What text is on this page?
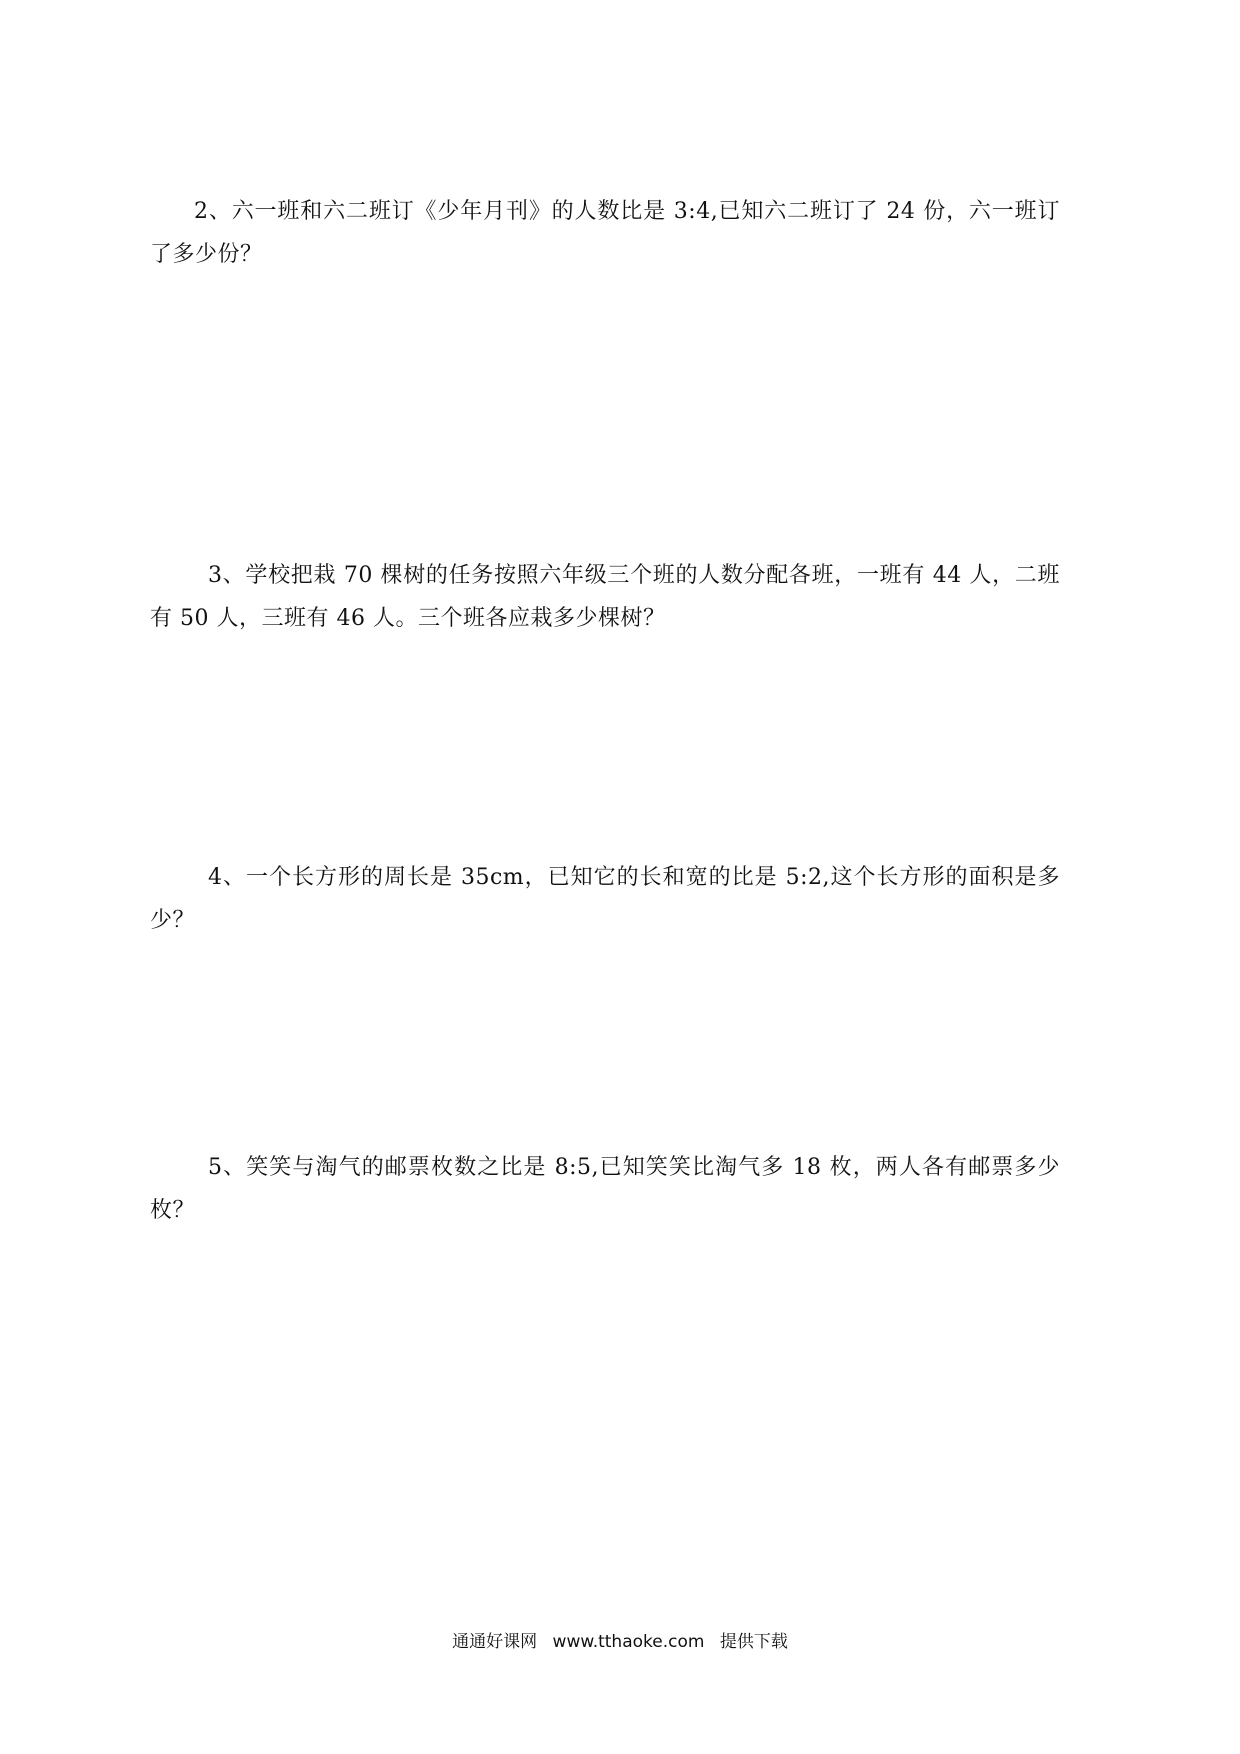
2、六一班和六二班订《少年月刊》的人数比是 3:4,已知六二班订了 24 份，六一班订了多少份？

3、学校把栽 70 棵树的任务按照六年级三个班的人数分配各班，一班有 44 人，二班有 50 人，三班有 46 人。三个班各应栽多少棵树？

4、一个长方形的周长是 35cm，已知它的长和宽的比是 5:2,这个长方形的面积是多少？

5、笑笑与淘气的邮票枚数之比是 8:5,已知笑笑比淘气多 18 枚，两人各有邮票多少枚？

通通好课网 www.tthaoke.com 提供下载
